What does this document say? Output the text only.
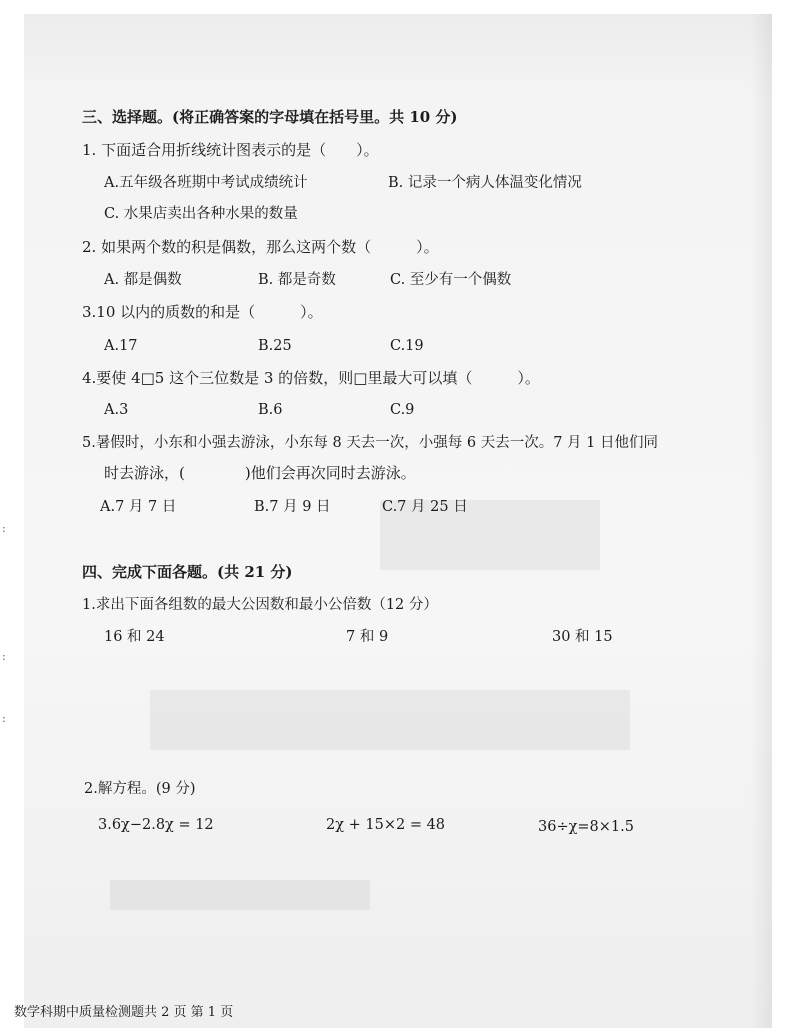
:
:
:
三、选择题。(将正确答案的字母填在括号里。共 10 分)
1. 下面适合用折线统计图表示的是（　　）。
A.五年级各班期中考试成绩统计	B. 记录一个病人体温变化情况
C. 水果店卖出各种水果的数量
2. 如果两个数的积是偶数，那么这两个数（　　　）。
A. 都是偶数	B. 都是奇数	C. 至少有一个偶数
3.10 以内的质数的和是（　　　）。
A.17	B.25	C.19
4.要使 4□5 这个三位数是 3 的倍数，则□里最大可以填（　　　）。
A.3	B.6	C.9
5.暑假时，小东和小强去游泳，小东每 8 天去一次，小强每 6 天去一次。7 月 1 日他们同
时去游泳，(　　　　)他们会再次同时去游泳。
A.7 月 7 日	B.7 月 9 日	C.7 月 25 日
四、完成下面各题。(共 21 分)
1.求出下面各组数的最大公因数和最小公倍数（12 分）
16 和 24	7 和 9	30 和 15
2.解方程。(9 分)
3.6χ−2.8χ = 12	2χ + 15×2 = 48	36÷χ=8×1.5
数学科期中质量检测题共 2 页 第 1 页
